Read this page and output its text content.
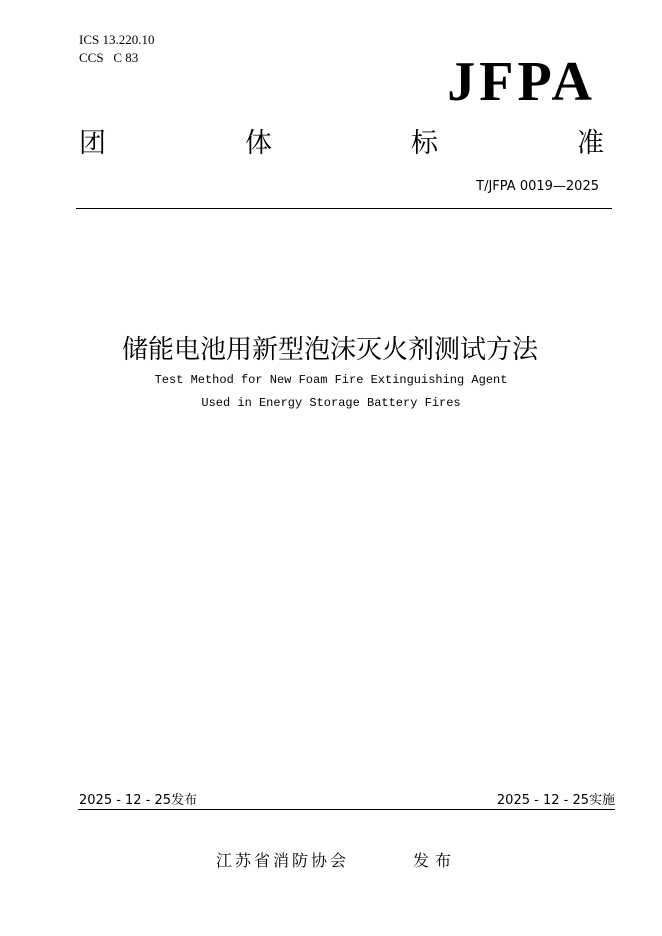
ICS 13.220.10
CCS   C 83	JFPA
团	体	标	准
T/JFPA 0019—2025
储能电池用新型泡沫灭火剂测试方法
Test Method for New Foam Fire Extinguishing Agent
Used in Energy Storage Battery Fires
2025 - 12 - 25发布	2025 - 12 - 25实施
江苏省消防协会	发布
